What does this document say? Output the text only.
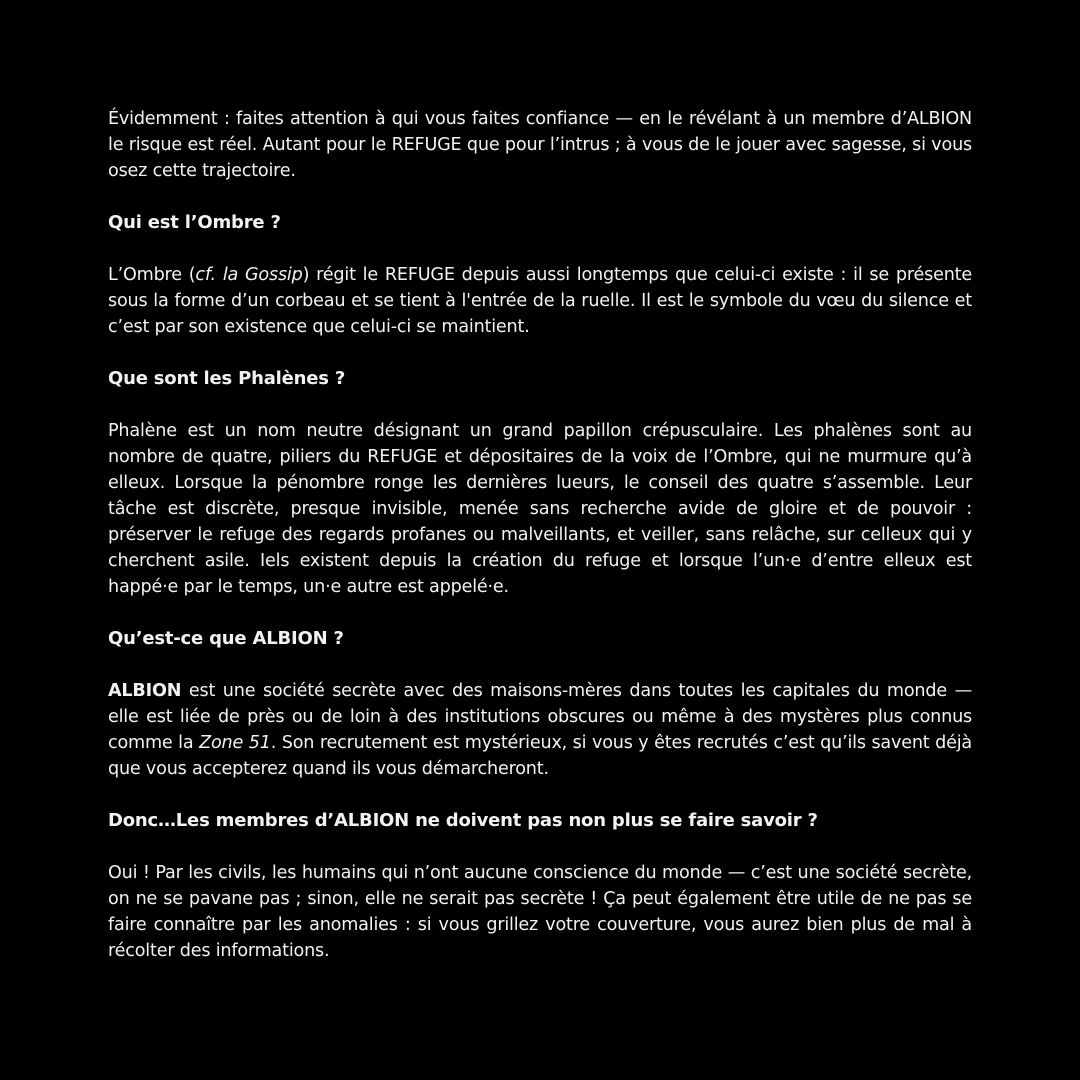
Évidemment : faites attention à qui vous faites confiance — en le révélant à un membre d’ALBION le risque est réel. Autant pour le REFUGE que pour l’intrus ; à vous de le jouer avec sagesse, si vous osez cette trajectoire.

Qui est l’Ombre ?

L’Ombre (cf. la Gossip) régit le REFUGE depuis aussi longtemps que celui-ci existe : il se présente sous la forme d’un corbeau et se tient à l'entrée de la ruelle. Il est le symbole du vœu du silence et c’est par son existence que celui-ci se maintient.

Que sont les Phalènes ?

Phalène est un nom neutre désignant un grand papillon crépusculaire. Les phalènes sont au nombre de quatre, piliers du REFUGE et dépositaires de la voix de l’Ombre, qui ne murmure qu’à elleux. Lorsque la pénombre ronge les dernières lueurs, le conseil des quatre s’assemble. Leur tâche est discrète, presque invisible, menée sans recherche avide de gloire et de pouvoir : préserver le refuge des regards profanes ou malveillants, et veiller, sans relâche, sur celleux qui y cherchent asile. Iels existent depuis la création du refuge et lorsque l’un·e d’entre elleux est happé·e par le temps, un·e autre est appelé·e.

Qu’est-ce que ALBION ?

ALBION est une société secrète avec des maisons-mères dans toutes les capitales du monde — elle est liée de près ou de loin à des institutions obscures ou même à des mystères plus connus comme la Zone 51. Son recrutement est mystérieux, si vous y êtes recrutés c’est qu’ils savent déjà que vous accepterez quand ils vous démarcheront.

Donc…Les membres d’ALBION ne doivent pas non plus se faire savoir ?

Oui ! Par les civils, les humains qui n’ont aucune conscience du monde — c’est une société secrète, on ne se pavane pas ; sinon, elle ne serait pas secrète ! Ça peut également être utile de ne pas se faire connaître par les anomalies : si vous grillez votre couverture, vous aurez bien plus de mal à récolter des informations.
